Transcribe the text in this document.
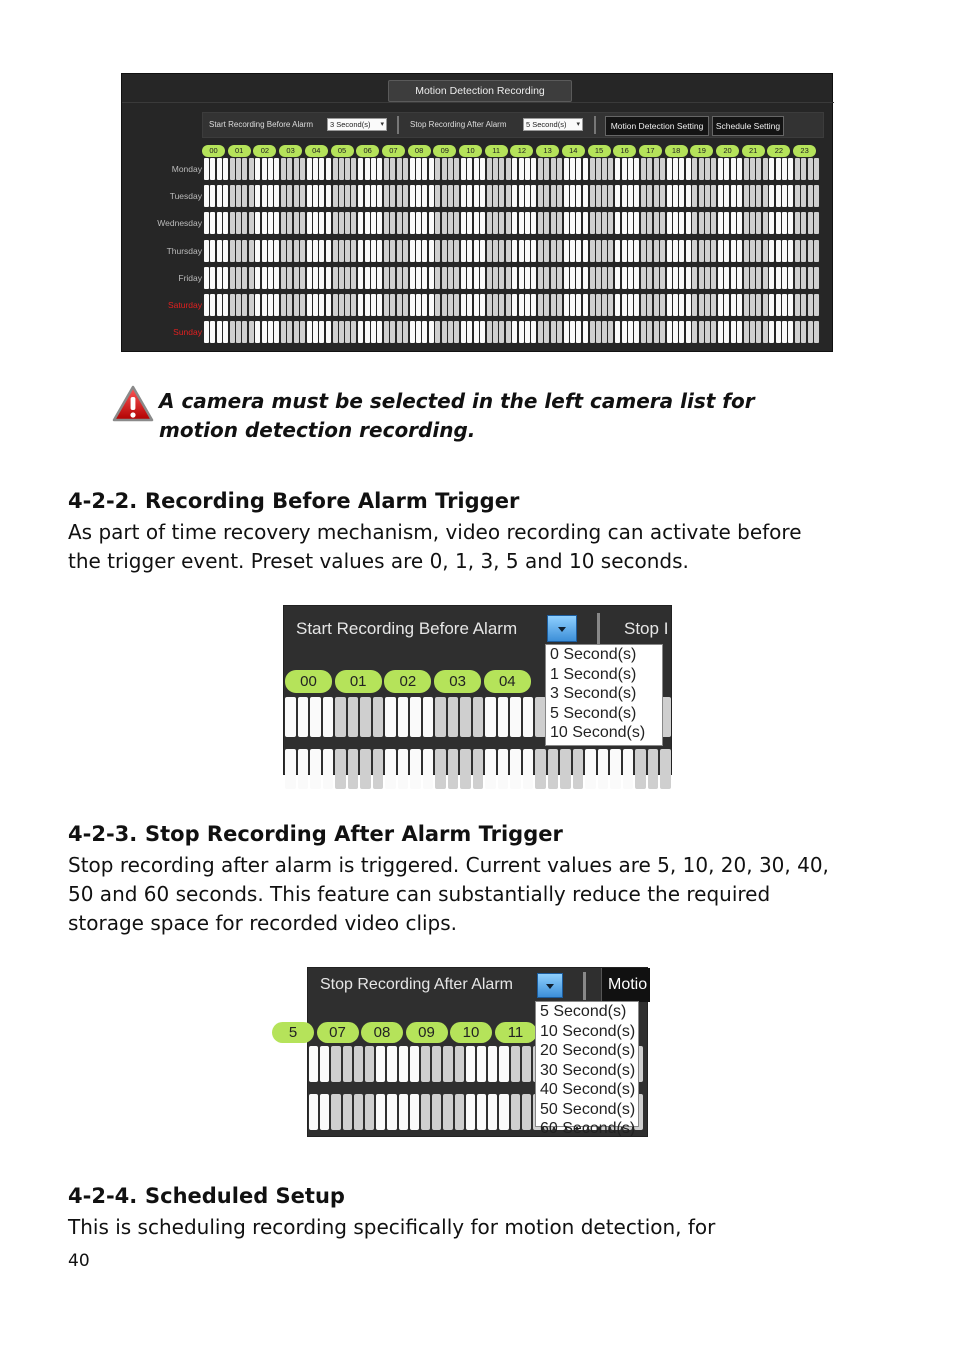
Motion Detection Recording
Start Recording Before Alarm	3 Second(s) ▾	Stop Recording After Alarm	5 Second(s) ▾	Motion Detection Setting	Schedule Setting
00	01	02	03	04	05	06	07	08	09	10	11	12	13	14	15	16	17	18	19	20	21	22	23
Monday
Tuesday
Wednesday
Thursday
Friday
Saturday
Sunday
A camera must be selected in the left camera list for motion detection recording.
4-2-2. Recording Before Alarm Trigger
As part of time recovery mechanism, video recording can activate before the trigger event. Preset values are 0, 1, 3, 5 and 10 seconds.
Start Recording Before Alarm	Stop I
00	01	02	03	04
0 Second(s)
1 Second(s)
3 Second(s)
5 Second(s)
10 Second(s)
4-2-3. Stop Recording After Alarm Trigger
Stop recording after alarm is triggered. Current values are 5, 10, 20, 30, 40, 50 and 60 seconds. This feature can substantially reduce the required storage space for recorded video clips.
Stop Recording After Alarm	Motio
5	07	08	09	10	11
5 Second(s)
10 Second(s)
20 Second(s)
30 Second(s)
40 Second(s)
50 Second(s)
60 Second(s)
4-2-4. Scheduled Setup
This is scheduling recording specifically for motion detection, for
40
